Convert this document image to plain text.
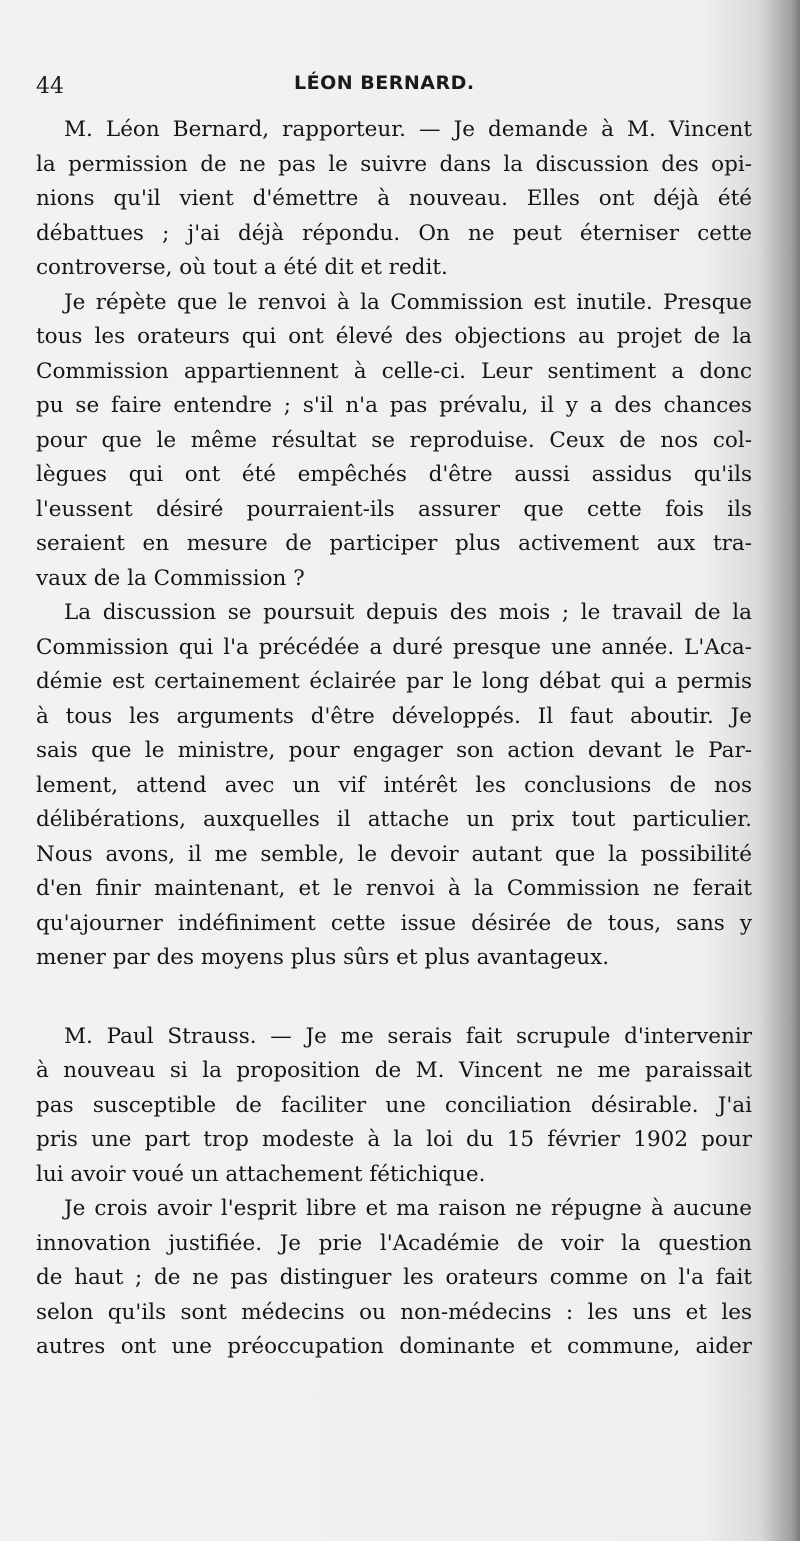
44	LÉON BERNARD.
M. Léon Bernard, rapporteur. — Je demande à M. Vincent
la permission de ne pas le suivre dans la discussion des opi-
nions qu'il vient d'émettre à nouveau. Elles ont déjà été
débattues ; j'ai déjà répondu. On ne peut éterniser cette
controverse, où tout a été dit et redit.
Je répète que le renvoi à la Commission est inutile. Presque
tous les orateurs qui ont élevé des objections au projet de la
Commission appartiennent à celle-ci. Leur sentiment a donc
pu se faire entendre ; s'il n'a pas prévalu, il y a des chances
pour que le même résultat se reproduise. Ceux de nos col-
lègues qui ont été empêchés d'être aussi assidus qu'ils
l'eussent désiré pourraient-ils assurer que cette fois ils
seraient en mesure de participer plus activement aux tra-
vaux de la Commission ?
La discussion se poursuit depuis des mois ; le travail de la
Commission qui l'a précédée a duré presque une année. L'Aca-
démie est certainement éclairée par le long débat qui a permis
à tous les arguments d'être développés. Il faut aboutir. Je
sais que le ministre, pour engager son action devant le Par-
lement, attend avec un vif intérêt les conclusions de nos
délibérations, auxquelles il attache un prix tout particulier.
Nous avons, il me semble, le devoir autant que la possibilité
d'en finir maintenant, et le renvoi à la Commission ne ferait
qu'ajourner indéfiniment cette issue désirée de tous, sans y
mener par des moyens plus sûrs et plus avantageux.
M. Paul Strauss. — Je me serais fait scrupule d'intervenir
à nouveau si la proposition de M. Vincent ne me paraissait
pas susceptible de faciliter une conciliation désirable. J'ai
pris une part trop modeste à la loi du 15 février 1902 pour
lui avoir voué un attachement fétichique.
Je crois avoir l'esprit libre et ma raison ne répugne à aucune
innovation justifiée. Je prie l'Académie de voir la question
de haut ; de ne pas distinguer les orateurs comme on l'a fait
selon qu'ils sont médecins ou non-médecins : les uns et les
autres ont une préoccupation dominante et commune, aider
